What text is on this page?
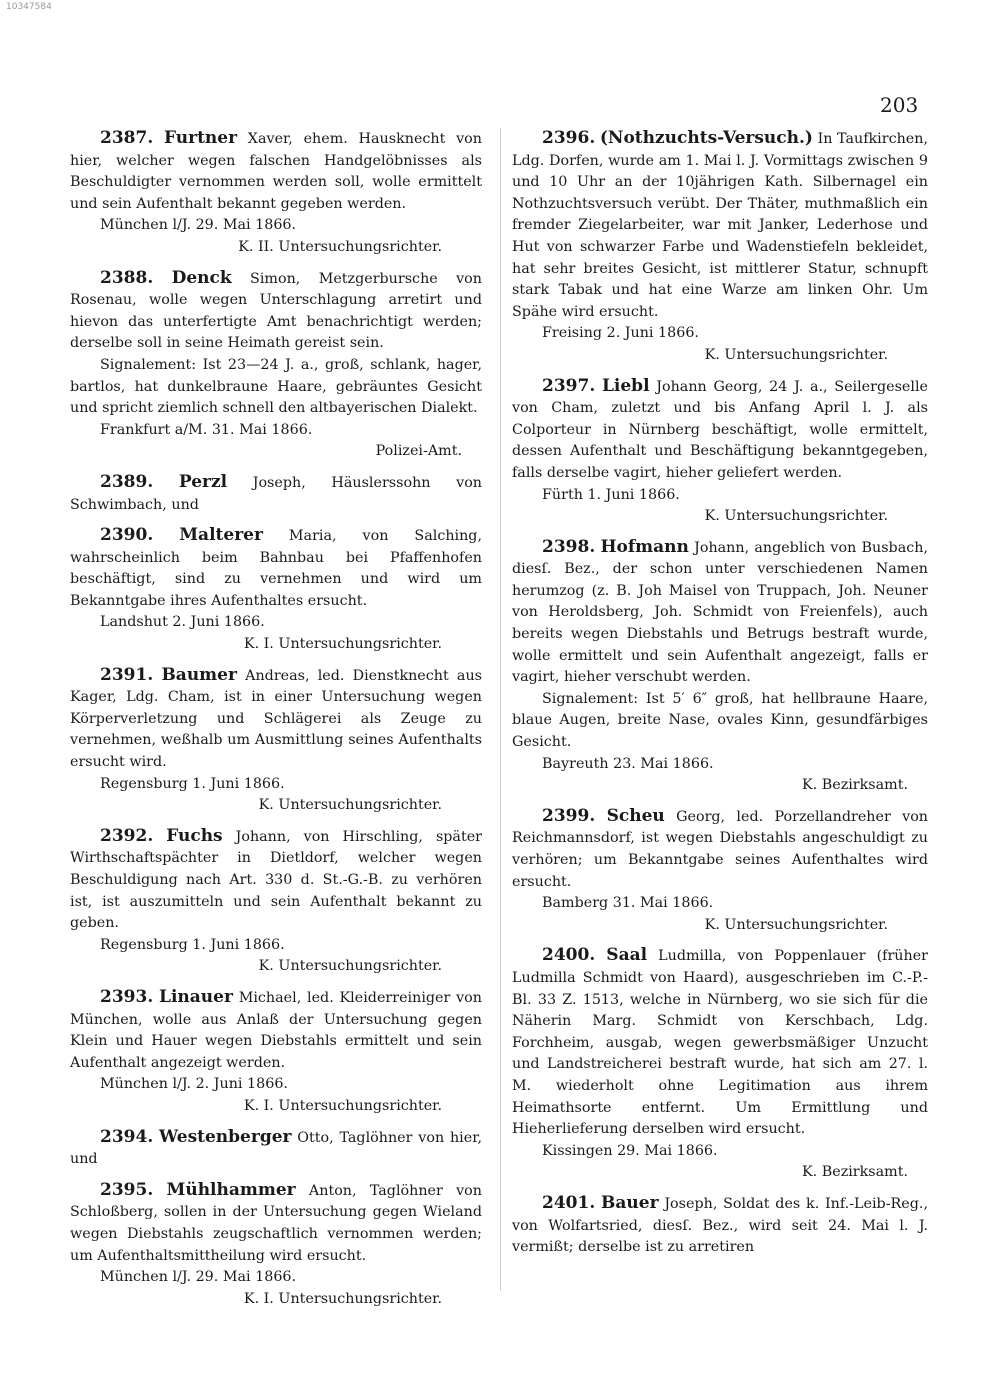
10347584
203

2387. Furtner Xaver, ehem. Hausknecht von hier, welcher wegen falschen Handgelöbnisses als Beschuldigter vernommen werden soll, wolle ermittelt und sein Aufenthalt bekannt gegeben werden.

München l/J. 29. Mai 1866.

K. II. Untersuchungsrichter.

2388. Denck Simon, Metzgerbursche von Rosenau, wolle wegen Unterschlagung arretirt und hievon das unterfertigte Amt benachrichtigt werden; derselbe soll in seine Heimath gereist sein.

Signalement: Ist 23—24 J. a., groß, schlank, hager, bartlos, hat dunkelbraune Haare, gebräuntes Gesicht und spricht ziemlich schnell den altbayerischen Dialekt.

Frankfurt a/M. 31. Mai 1866.

Polizei-Amt.

2389. Perzl Joseph, Häuslerssohn von Schwimbach, und

2390. Malterer Maria, von Salching, wahrscheinlich beim Bahnbau bei Pfaffenhofen beschäftigt, sind zu vernehmen und wird um Bekanntgabe ihres Aufenthaltes ersucht.

Landshut 2. Juni 1866.

K. I. Untersuchungsrichter.

2391. Baumer Andreas, led. Dienstknecht aus Kager, Ldg. Cham, ist in einer Untersuchung wegen Körperverletzung und Schlägerei als Zeuge zu vernehmen, weßhalb um Ausmittlung seines Aufenthalts ersucht wird.

Regensburg 1. Juni 1866.

K. Untersuchungsrichter.

2392. Fuchs Johann, von Hirschling, später Wirthschaftspächter in Dietldorf, welcher wegen Beschuldigung nach Art. 330 d. St.-G.-B. zu verhören ist, ist auszumitteln und sein Aufenthalt bekannt zu geben.

Regensburg 1. Juni 1866.

K. Untersuchungsrichter.

2393. Linauer Michael, led. Kleiderreiniger von München, wolle aus Anlaß der Untersuchung gegen Klein und Hauer wegen Diebstahls ermittelt und sein Aufenthalt angezeigt werden.

München l/J. 2. Juni 1866.

K. I. Untersuchungsrichter.

2394. Westenberger Otto, Taglöhner von hier, und

2395. Mühlhammer Anton, Taglöhner von Schloßberg, sollen in der Untersuchung gegen Wieland wegen Diebstahls zeugschaftlich vernommen werden; um Aufenthaltsmittheilung wird ersucht.

München l/J. 29. Mai 1866.

K. I. Untersuchungsrichter.

2396. (Nothzuchts-Versuch.) In Taufkirchen, Ldg. Dorfen, wurde am 1. Mai l. J. Vormittags zwischen 9 und 10 Uhr an der 10jährigen Kath. Silbernagel ein Nothzuchtsversuch verübt. Der Thäter, muthmaßlich ein fremder Ziegelarbeiter, war mit Janker, Lederhose und Hut von schwarzer Farbe und Wadenstiefeln bekleidet, hat sehr breites Gesicht, ist mittlerer Statur, schnupft stark Tabak und hat eine Warze am linken Ohr. Um Spähe wird ersucht.

Freising 2. Juni 1866.

K. Untersuchungsrichter.

2397. Liebl Johann Georg, 24 J. a., Seilergeselle von Cham, zuletzt und bis Anfang April l. J. als Colporteur in Nürnberg beschäftigt, wolle ermittelt, dessen Aufenthalt und Beschäftigung bekanntgegeben, falls derselbe vagirt, hieher geliefert werden.

Fürth 1. Juni 1866.

K. Untersuchungsrichter.

2398. Hofmann Johann, angeblich von Busbach, diesſ. Bez., der schon unter verschiedenen Namen herumzog (z. B. Joh Maisel von Truppach, Joh. Neuner von Heroldsberg, Joh. Schmidt von Freienfels), auch bereits wegen Diebstahls und Betrugs bestraft wurde, wolle ermittelt und sein Aufenthalt angezeigt, falls er vagirt, hieher verschubt werden.

Signalement: Ist 5′ 6″ groß, hat hellbraune Haare, blaue Augen, breite Nase, ovales Kinn, gesundfärbiges Gesicht.

Bayreuth 23. Mai 1866.

K. Bezirksamt.

2399. Scheu Georg, led. Porzellandreher von Reichmannsdorf, ist wegen Diebstahls angeschuldigt zu verhören; um Bekanntgabe seines Aufenthaltes wird ersucht.

Bamberg 31. Mai 1866.

K. Untersuchungsrichter.

2400. Saal Ludmilla, von Poppenlauer (früher Ludmilla Schmidt von Haard), ausgeschrieben im C.-P.-Bl. 33 Z. 1513, welche in Nürnberg, wo sie sich für die Näherin Marg. Schmidt von Kerschbach, Ldg. Forchheim, ausgab, wegen gewerbsmäßiger Unzucht und Landstreicherei bestraft wurde, hat sich am 27. l. M. wiederholt ohne Legitimation aus ihrem Heimathsorte entfernt. Um Ermittlung und Hieherlieferung derselben wird ersucht.

Kissingen 29. Mai 1866.

K. Bezirksamt.

2401. Bauer Joseph, Soldat des k. Inf.-Leib-Reg., von Wolfartsried, diesſ. Bez., wird seit 24. Mai l. J. vermißt; derselbe ist zu arretiren
